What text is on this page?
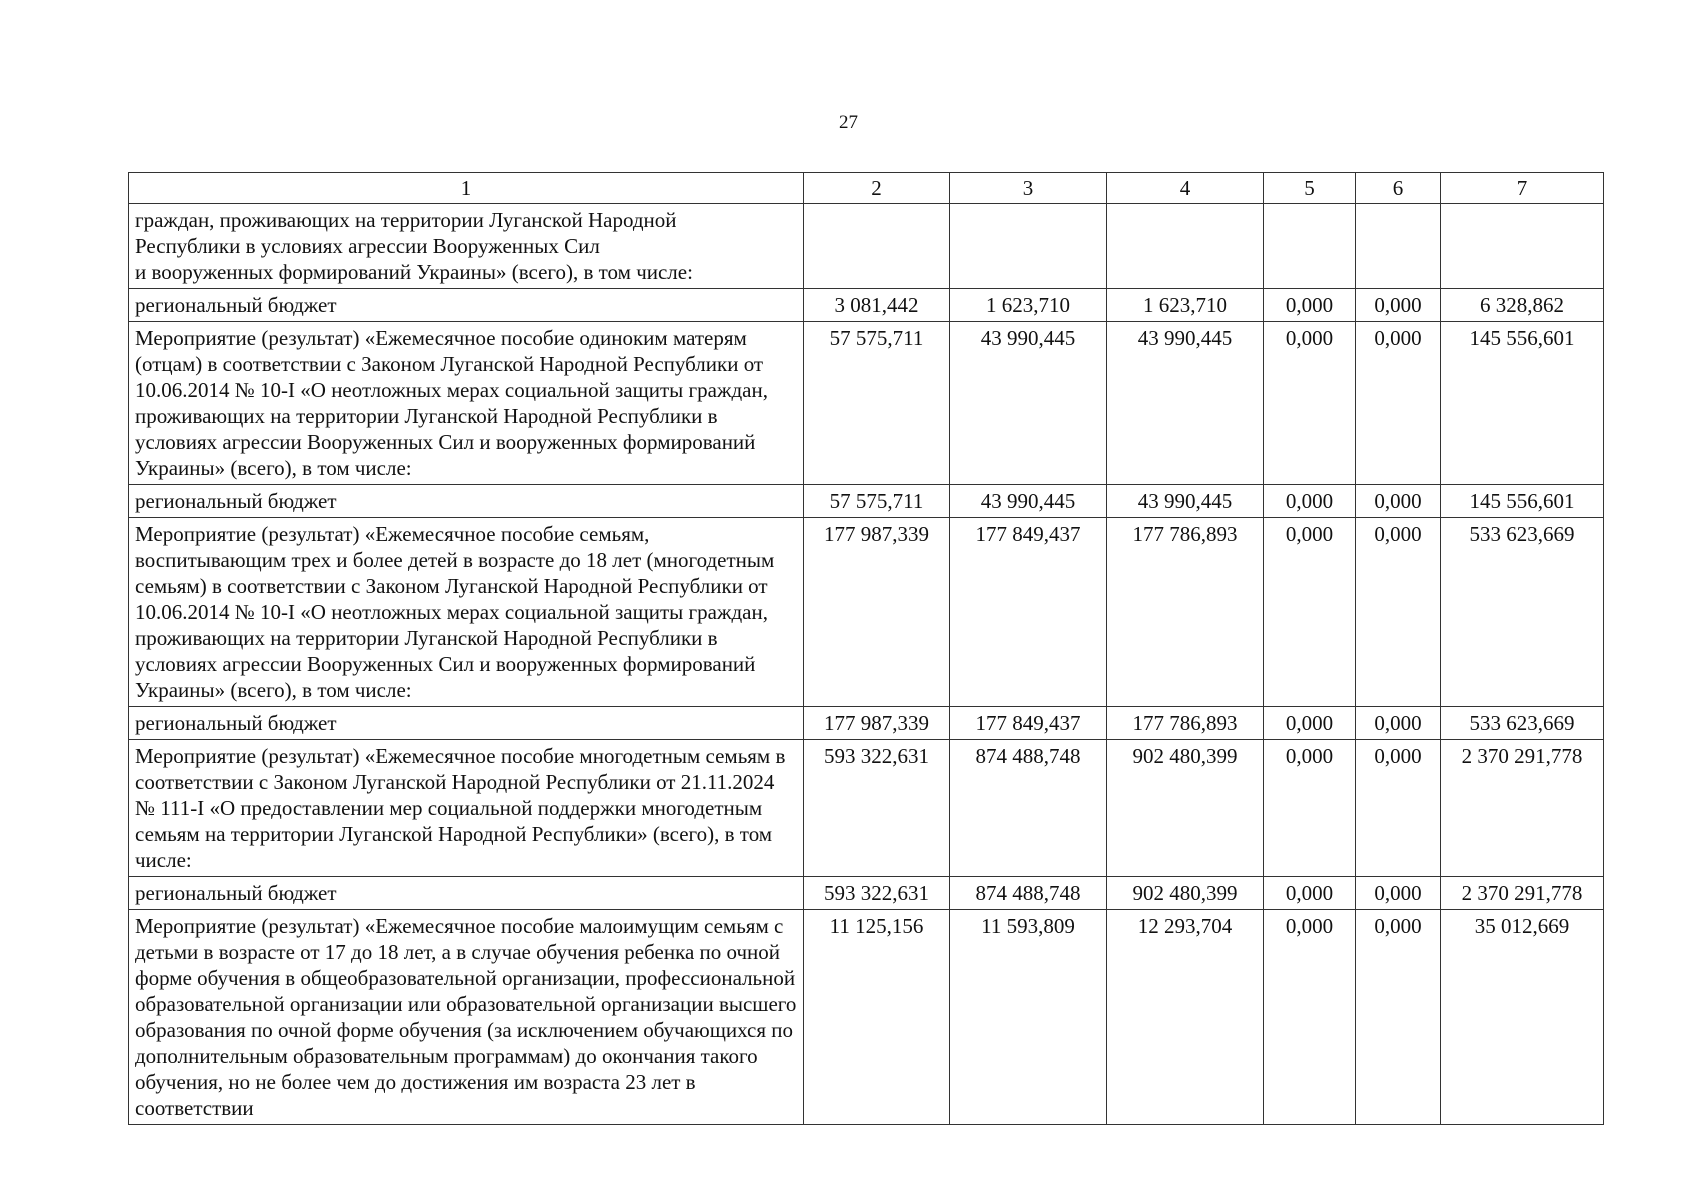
27
1	2	3	4	5	6	7
граждан, проживающих на территории Луганской Народной
Республики в условиях агрессии Вооруженных Сил
и вооруженных формирований Украины» (всего), в том числе:						
региональный бюджет	3 081,442	1 623,710	1 623,710	0,000	0,000	6 328,862
Мероприятие (результат) «Ежемесячное пособие одиноким матерям (отцам) в соответствии с Законом Луганской Народной Республики от 10.06.2014 № 10-I «О неотложных мерах социальной защиты граждан, проживающих на территории Луганской Народной Республики в условиях агрессии Вооруженных Сил и вооруженных формирований Украины» (всего), в том числе:	57 575,711	43 990,445	43 990,445	0,000	0,000	145 556,601
региональный бюджет	57 575,711	43 990,445	43 990,445	0,000	0,000	145 556,601
Мероприятие (результат) «Ежемесячное пособие семьям, воспитывающим трех и более детей в возрасте до 18 лет (многодетным семьям) в соответствии с Законом Луганской Народной Республики от 10.06.2014 № 10-I «О неотложных мерах социальной защиты граждан, проживающих на территории Луганской Народной Республики в условиях агрессии Вооруженных Сил и вооруженных формирований Украины» (всего), в том числе:	177 987,339	177 849,437	177 786,893	0,000	0,000	533 623,669
региональный бюджет	177 987,339	177 849,437	177 786,893	0,000	0,000	533 623,669
Мероприятие (результат) «Ежемесячное пособие многодетным семьям в соответствии с Законом Луганской Народной Республики от 21.11.2024 № 111-I «О предоставлении мер социальной поддержки многодетным семьям на территории Луганской Народной Республики» (всего), в том числе:	593 322,631	874 488,748	902 480,399	0,000	0,000	2 370 291,778
региональный бюджет	593 322,631	874 488,748	902 480,399	0,000	0,000	2 370 291,778
Мероприятие (результат) «Ежемесячное пособие малоимущим семьям с детьми в возрасте от 17 до 18 лет, а в случае обучения ребенка по очной форме обучения в общеобразовательной организации, профессиональной образовательной организации или образовательной организации высшего образования по очной форме обучения (за исключением обучающихся по дополнительным образовательным программам) до окончания такого обучения, но не более чем до достижения им возраста 23 лет в соответствии	11 125,156	11 593,809	12 293,704	0,000	0,000	35 012,669
